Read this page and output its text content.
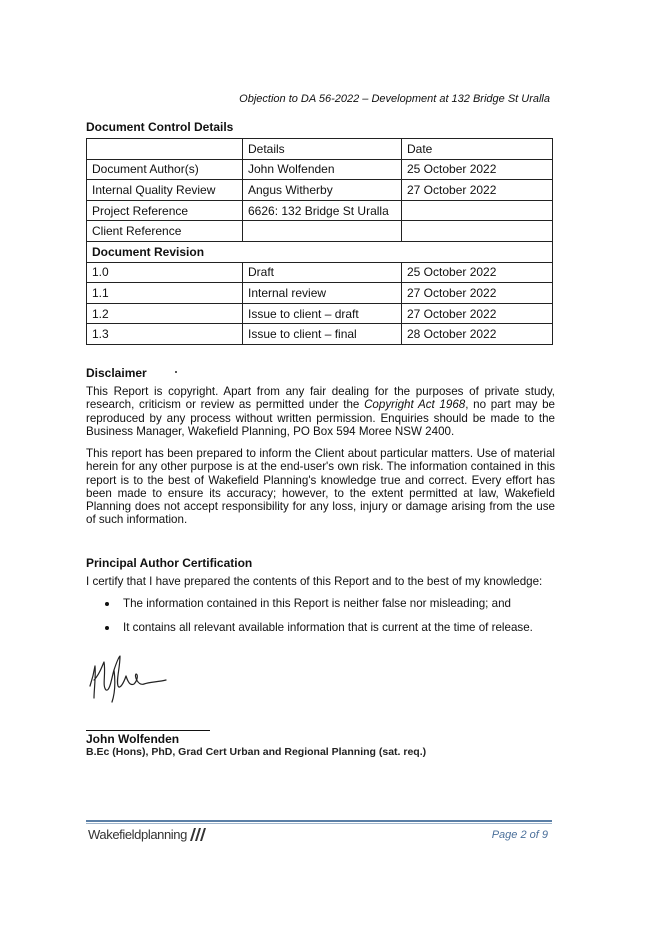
Objection to DA 56-2022 – Development at 132 Bridge St Uralla
Document Control Details
	Details	Date
Document Author(s)	John Wolfenden	25 October 2022
Internal Quality Review	Angus Witherby	27 October 2022
Project Reference	6626: 132 Bridge St Uralla	
Client Reference		
Document Revision		
1.0	Draft	25 October 2022
1.1	Internal review	27 October 2022
1.2	Issue to client – draft	27 October 2022
1.3	Issue to client – final	28 October 2022
Disclaimer

This Report is copyright. Apart from any fair dealing for the purposes of private study, research, criticism or review as permitted under the Copyright Act 1968, no part may be reproduced by any process without written permission. Enquiries should be made to the Business Manager, Wakefield Planning, PO Box 594 Moree NSW 2400.

This report has been prepared to inform the Client about particular matters. Use of material herein for any other purpose is at the end-user's own risk. The information contained in this report is to the best of Wakefield Planning's knowledge true and correct. Every effort has been made to ensure its accuracy; however, to the extent permitted at law, Wakefield Planning does not accept responsibility for any loss, injury or damage arising from the use of such information.

Principal Author Certification

I certify that I have prepared the contents of this Report and to the best of my knowledge:

The information contained in this Report is neither false nor misleading; and
It contains all relevant available information that is current at the time of release.
John Wolfenden
B.Ec (Hons), PhD, Grad Cert Urban and Regional Planning (sat. req.)
Wakefieldplanning	Page 2 of 9
